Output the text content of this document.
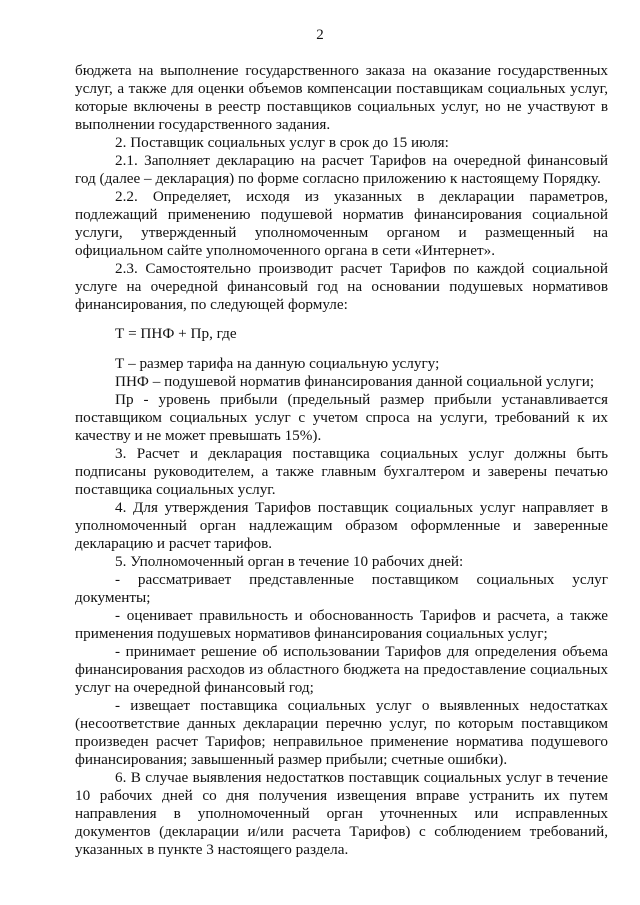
2

бюджета на выполнение государственного заказа на оказание государственных услуг, а также для оценки объемов компенсации поставщикам социальных услуг, которые включены в реестр поставщиков социальных услуг, но не участвуют в выполнении государственного задания.

2. Поставщик социальных услуг в срок до 15 июля:

2.1. Заполняет декларацию на расчет Тарифов на очередной финансовый год (далее – декларация) по форме согласно приложению к настоящему Порядку.

2.2. Определяет, исходя из указанных в декларации параметров, подлежащий применению подушевой норматив финансирования социальной услуги, утвержденный уполномоченным органом и размещенный на официальном сайте уполномоченного органа в сети «Интернет».

2.3. Самостоятельно производит расчет Тарифов по каждой социальной услуге на очередной финансовый год на основании подушевых нормативов финансирования, по следующей формуле:

Т = ПНФ + Пр, где

Т – размер тарифа на данную социальную услугу;

ПНФ – подушевой норматив финансирования данной социальной услуги;

Пр - уровень прибыли (предельный размер прибыли устанавливается поставщиком социальных услуг с учетом спроса на услуги, требований к их качеству и не может превышать 15%).

3. Расчет и декларация поставщика социальных услуг должны быть подписаны руководителем, а также главным бухгалтером и заверены печатью поставщика социальных услуг.

4. Для утверждения Тарифов поставщик социальных услуг направляет в уполномоченный орган надлежащим образом оформленные и заверенные декларацию и расчет тарифов.

5. Уполномоченный орган в течение 10 рабочих дней:

- рассматривает представленные поставщиком социальных услуг документы;

- оценивает правильность и обоснованность Тарифов и расчета, а также применения подушевых нормативов финансирования социальных услуг;

- принимает решение об использовании Тарифов для определения объема финансирования расходов из областного бюджета на предоставление социальных услуг на очередной финансовый год;

- извещает поставщика социальных услуг о выявленных недостатках (несоответствие данных декларации перечню услуг, по которым поставщиком произведен расчет Тарифов; неправильное применение норматива подушевого финансирования; завышенный размер прибыли; счетные ошибки).

6. В случае выявления недостатков поставщик социальных услуг в течение 10 рабочих дней со дня получения извещения вправе устранить их путем направления в уполномоченный орган уточненных или исправленных документов (декларации и/или расчета Тарифов) с соблюдением требований, указанных в пункте 3 настоящего раздела.
